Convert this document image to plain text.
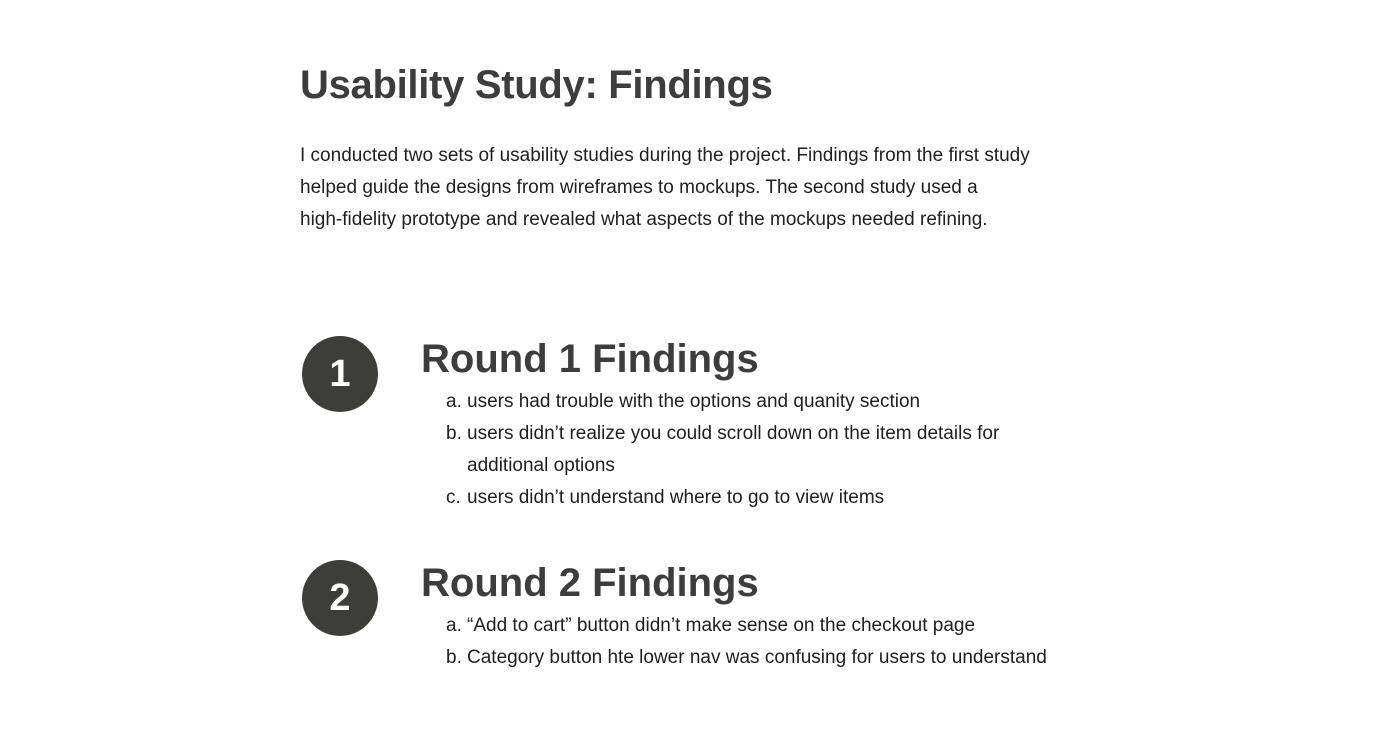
Usability Study: Findings

I conducted two sets of usability studies during the project. Findings from the first study
helped guide the designs from wireframes to mockups. The second study used a
high-fidelity prototype and revealed what aspects of the mockups needed refining.

1	Round 1 Findings
a. users had trouble with the options and quanity section
b. users didn’t realize you could scroll down on the item details for
additional options
c. users didn’t understand where to go to view items
2	Round 2 Findings
a. “Add to cart” button didn’t make sense on the checkout page
b. Category button hte lower nav was confusing for users to understand
